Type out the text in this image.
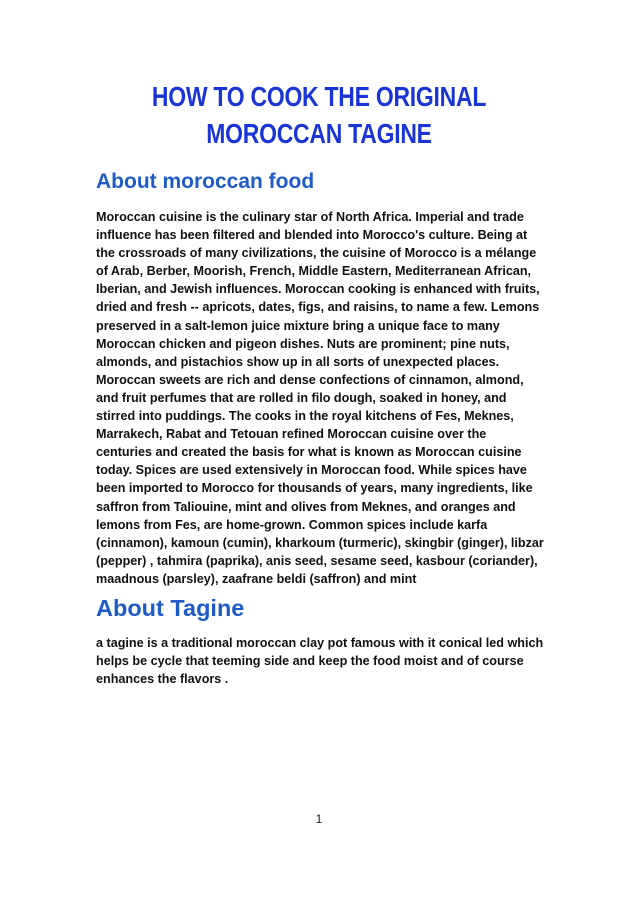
HOW TO COOK THE ORIGINAL MOROCCAN TAGINE
About moroccan food

Moroccan cuisine is the culinary star of North Africa. Imperial and trade influence has been filtered and blended into Morocco's culture. Being at the crossroads of many civilizations, the cuisine of Morocco is a mélange of Arab, Berber, Moorish, French, Middle Eastern, Mediterranean African, Iberian, and Jewish influences. Moroccan cooking is enhanced with fruits, dried and fresh -- apricots, dates, figs, and raisins, to name a few. Lemons preserved in a salt-lemon juice mixture bring a unique face to many Moroccan chicken and pigeon dishes. Nuts are prominent; pine nuts, almonds, and pistachios show up in all sorts of unexpected places. Moroccan sweets are rich and dense confections of cinnamon, almond, and fruit perfumes that are rolled in filo dough, soaked in honey, and stirred into puddings. The cooks in the royal kitchens of Fes, Meknes, Marrakech, Rabat and Tetouan refined Moroccan cuisine over the centuries and created the basis for what is known as Moroccan cuisine today. Spices are used extensively in Moroccan food. While spices have been imported to Morocco for thousands of years, many ingredients, like saffron from Taliouine, mint and olives from Meknes, and oranges and lemons from Fes, are home-grown. Common spices include karfa (cinnamon), kamoun (cumin), kharkoum (turmeric), skingbir (ginger), libzar (pepper) , tahmira (paprika), anis seed, sesame seed, kasbour (coriander), maadnous (parsley), zaafrane beldi (saffron) and mint

About Tagine

a tagine is a traditional moroccan clay pot famous with it conical led which helps be cycle that teeming side and keep the food moist and of course enhances the flavors .

1
